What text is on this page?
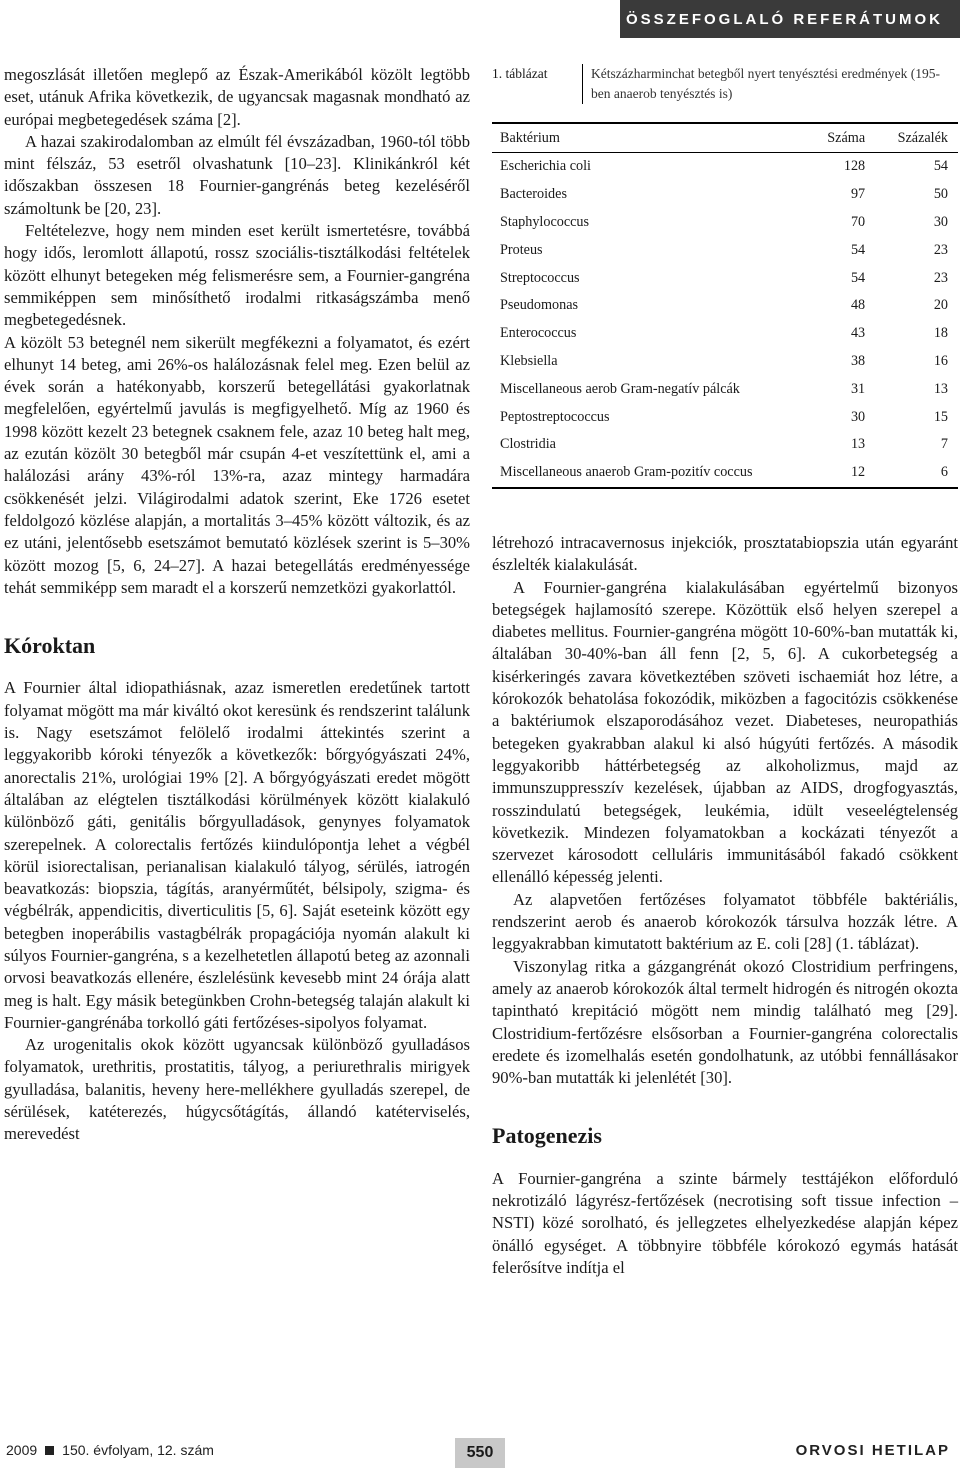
ÖSSZEFOGLALÓ REFERÁTUMOK

megoszlását illetően meglepő az Észak-Amerikából közölt legtöbb eset, utánuk Afrika következik, de ugyancsak magasnak mondható az európai megbetegedések száma [2].

A hazai szakirodalomban az elmúlt fél évszázadban, 1960-tól több mint félszáz, 53 esetről olvashatunk [10–23]. Klinikánkról két időszakban összesen 18 Fournier-gangrénás beteg kezeléséről számoltunk be [20, 23].

Feltételezve, hogy nem minden eset került ismertetésre, továbbá hogy idős, leromlott állapotú, rossz szociális-tisztálkodási feltételek között elhunyt betegeken még felismerésre sem, a Fournier-gangréna semmiképpen sem minősíthető irodalmi ritkaságszámba menő megbetegedésnek.

A közölt 53 betegnél nem sikerült megfékezni a folyamatot, és ezért elhunyt 14 beteg, ami 26%-os halálozásnak felel meg. Ezen belül az évek során a hatékonyabb, korszerű betegellátási gyakorlatnak megfelelően, egyértelmű javulás is megfigyelhető. Míg az 1960 és 1998 között kezelt 23 betegnek csaknem fele, azaz 10 beteg halt meg, az ezután közölt 30 betegből már csupán 4-et veszítettünk el, ami a halálozási arány 43%-ról 13%-ra, azaz mintegy harmadára csökkenését jelzi. Világirodalmi adatok szerint, Eke 1726 esetet feldolgozó közlése alapján, a mortalitás 3–45% között változik, és az ez utáni, jelentősebb esetszámot bemutató közlések szerint is 5–30% között mozog [5, 6, 24–27]. A hazai betegellátás eredményessége tehát semmiképp sem maradt el a korszerű nemzetközi gyakorlattól.

Kóroktan

A Fournier által idiopathiásnak, azaz ismeretlen eredetűnek tartott folyamat mögött ma már kiváltó okot keresünk és rendszerint találunk is. Nagy esetszámot felölelő irodalmi áttekintés szerint a leggyakoribb kóroki tényezők a következők: bőrgyógyászati 24%, anorectalis 21%, urológiai 19% [2]. A bőrgyógyászati eredet mögött általában az elégtelen tisztálkodási körülmények között kialakuló különböző gáti, genitális bőrgyulladások, genynyes folyamatok szerepelnek. A colorectalis fertőzés kiindulópontja lehet a végbél körül isiorectalisan, perianalisan kialakuló tályog, sérülés, iatrogén beavatkozás: biopszia, tágítás, aranyérműtét, bélsipoly, szigma- és végbélrák, appendicitis, diverticulitis [5, 6]. Saját eseteink között egy betegben inoperábilis vastagbélrák propagációja nyomán alakult ki súlyos Fournier-gangréna, s a kezelhetetlen állapotú beteg az azonnali orvosi beavatkozás ellenére, észlelésünk kevesebb mint 24 órája alatt meg is halt. Egy másik betegünkben Crohn-betegség talaján alakult ki Fournier-gangrénába torkolló gáti fertőzéses-sipolyos folyamat.

Az urogenitalis okok között ugyancsak különböző gyulladásos folyamatok, urethritis, prostatitis, tályog, a periurethralis mirigyek gyulladása, balanitis, heveny here-mellékhere gyulladás szerepel, de sérülések, katéterezés, húgycsőtágítás, állandó katéterviselés, merevedést

1. táblázat	Kétszázharminchat betegből nyert tenyésztési eredmények (195-ben anaerob tenyésztés is)
Baktérium	Száma	Százalék
Escherichia coli	128	54
Bacteroides	97	50
Staphylococcus	70	30
Proteus	54	23
Streptococcus	54	23
Pseudomonas	48	20
Enterococcus	43	18
Klebsiella	38	16
Miscellaneous aerob Gram-negatív pálcák	31	13
Peptostreptococcus	30	15
Clostridia	13	7
Miscellaneous anaerob Gram-pozitív coccus	12	6

létrehozó intracavernosus injekciók, prosztatabiopszia után egyaránt észlelték kialakulását.

A Fournier-gangréna kialakulásában egyértelmű bizonyos betegségek hajlamosító szerepe. Közöttük első helyen szerepel a diabetes mellitus. Fournier-gangréna mögött 10-60%-ban mutatták ki, általában 30-40%-ban áll fenn [2, 5, 6]. A cukorbetegség a kisérkeringés zavara következtében szöveti ischaemiát hoz létre, a kórokozók behatolása fokozódik, miközben a fagocitózis csökkenése a baktériumok elszaporodásához vezet. Diabeteses, neuropathiás betegeken gyakrabban alakul ki alsó húgyúti fertőzés. A második leggyakoribb háttérbetegség az alkoholizmus, majd az immunszuppresszív kezelések, újabban az AIDS, drogfogyasztás, rosszindulatú betegségek, leukémia, idült veseelégtelenség következik. Mindezen folyamatokban a kockázati tényezőt a szervezet károsodott celluláris immunitásából fakadó csökkent ellenálló képesség jelenti.

Az alapvetően fertőzéses folyamatot többféle baktériális, rendszerint aerob és anaerob kórokozók társulva hozzák létre. A leggyakrabban kimutatott baktérium az E. coli [28] (1. táblázat).

Viszonylag ritka a gázgangrénát okozó Clostridium perfringens, amely az anaerob kórokozók által termelt hidrogén és nitrogén okozta tapintható krepitáció mögött nem mindig található meg [29]. Clostridium-fertőzésre elsősorban a Fournier-gangréna colorectalis eredete és izomelhalás esetén gondolhatunk, az utóbbi fennállásakor 90%-ban mutatták ki jelenlétét [30].

Patogenezis

A Fournier-gangréna a szinte bármely testtájékon előforduló nekrotizáló lágyrész-fertőzések (necrotising soft tissue infection – NSTI) közé sorolható, és jellegzetes elhelyezkedése alapján képez önálló egységet. A többnyire többféle kórokozó egymás hatását felerősítve indítja el

2009 150. évfolyam, 12. szám	550	ORVOSI HETILAP
